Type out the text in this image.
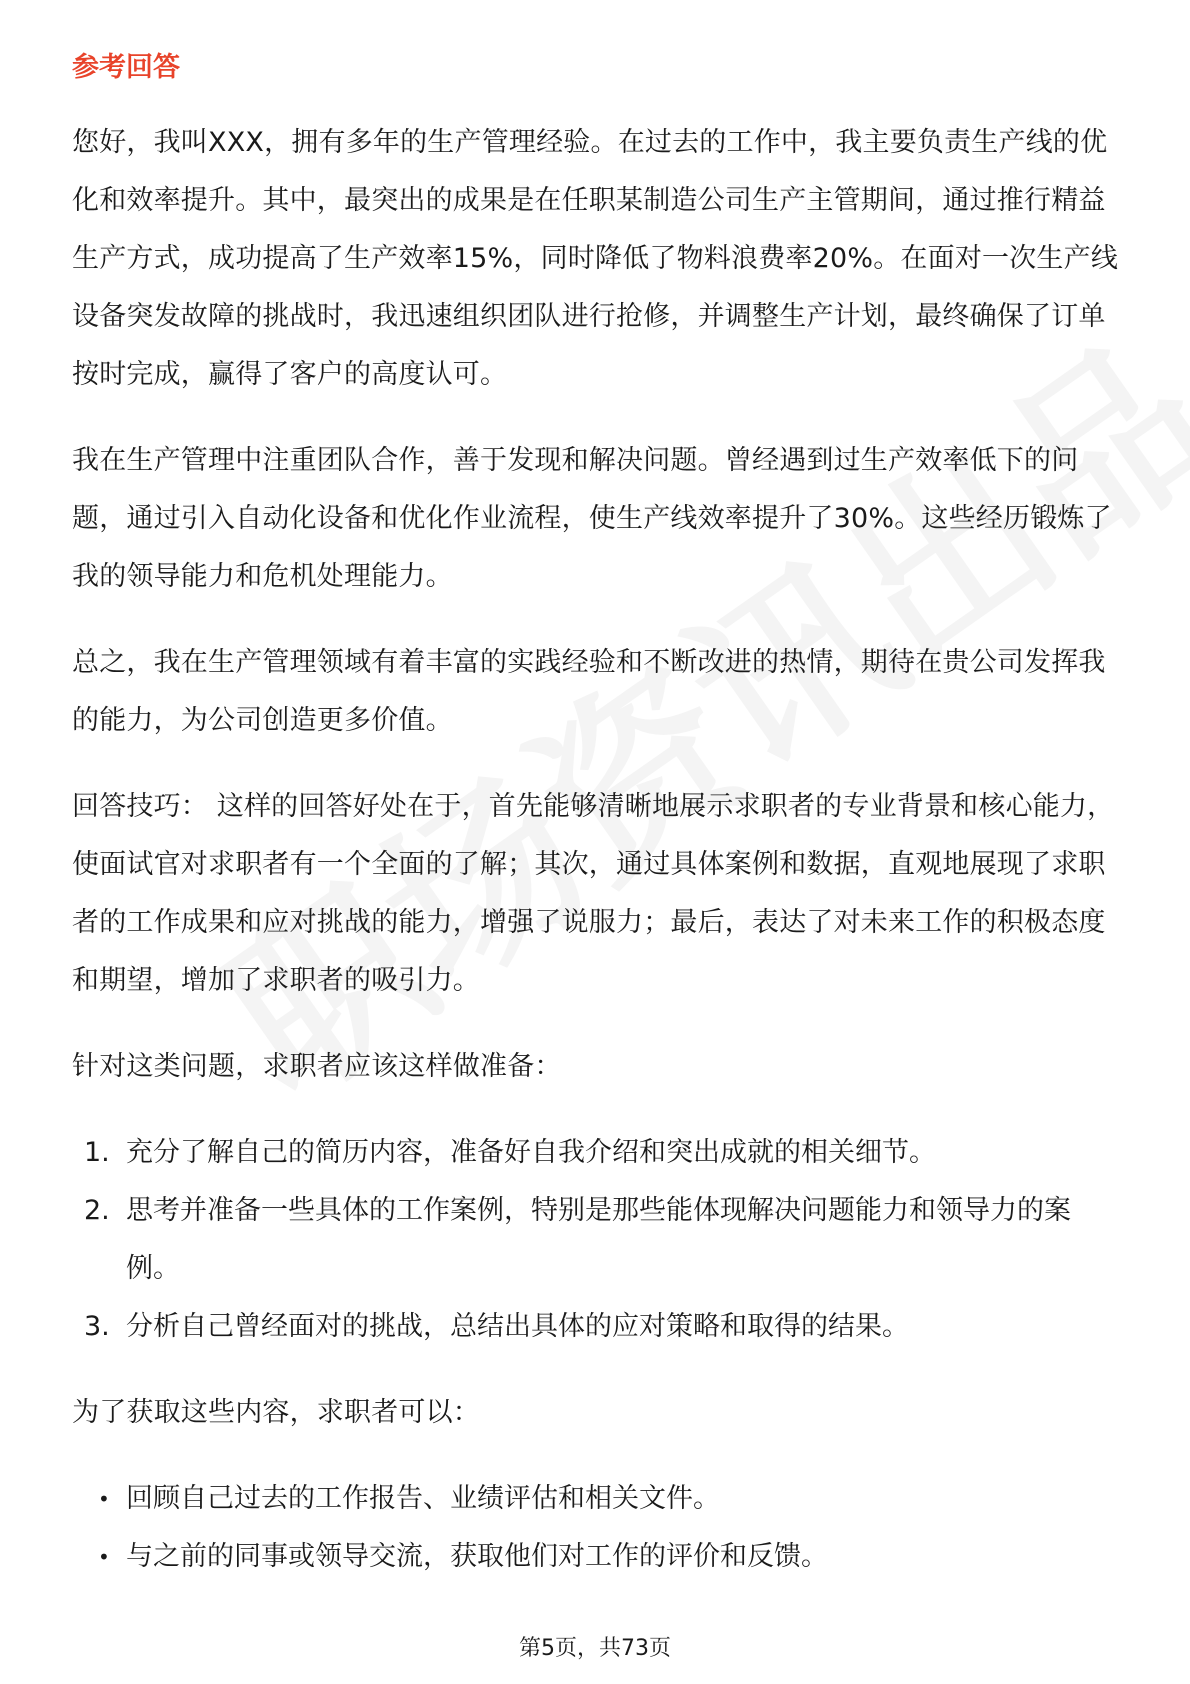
参考回答

您好，我叫XXX，拥有多年的生产管理经验。在过去的工作中，我主要负责生产线的优化和效率提升。其中，最突出的成果是在任职某制造公司生产主管期间，通过推行精益生产方式，成功提高了生产效率15%，同时降低了物料浪费率20%。在面对一次生产线设备突发故障的挑战时，我迅速组织团队进行抢修，并调整生产计划，最终确保了订单按时完成，赢得了客户的高度认可。

我在生产管理中注重团队合作，善于发现和解决问题。曾经遇到过生产效率低下的问题，通过引入自动化设备和优化作业流程，使生产线效率提升了30%。这些经历锻炼了我的领导能力和危机处理能力。

总之，我在生产管理领域有着丰富的实践经验和不断改进的热情，期待在贵公司发挥我的能力，为公司创造更多价值。

回答技巧： 这样的回答好处在于，首先能够清晰地展示求职者的专业背景和核心能力，使面试官对求职者有一个全面的了解；其次，通过具体案例和数据，直观地展现了求职者的工作成果和应对挑战的能力，增强了说服力；最后，表达了对未来工作的积极态度和期望，增加了求职者的吸引力。

针对这类问题，求职者应该这样做准备：

1. 充分了解自己的简历内容，准备好自我介绍和突出成就的相关细节。
2. 思考并准备一些具体的工作案例，特别是那些能体现解决问题能力和领导力的案例。
3. 分析自己曾经面对的挑战，总结出具体的应对策略和取得的结果。

为了获取这些内容，求职者可以：

• 回顾自己过去的工作报告、业绩评估和相关文件。
• 与之前的同事或领导交流，获取他们对工作的评价和反馈。
第5页，共73页
